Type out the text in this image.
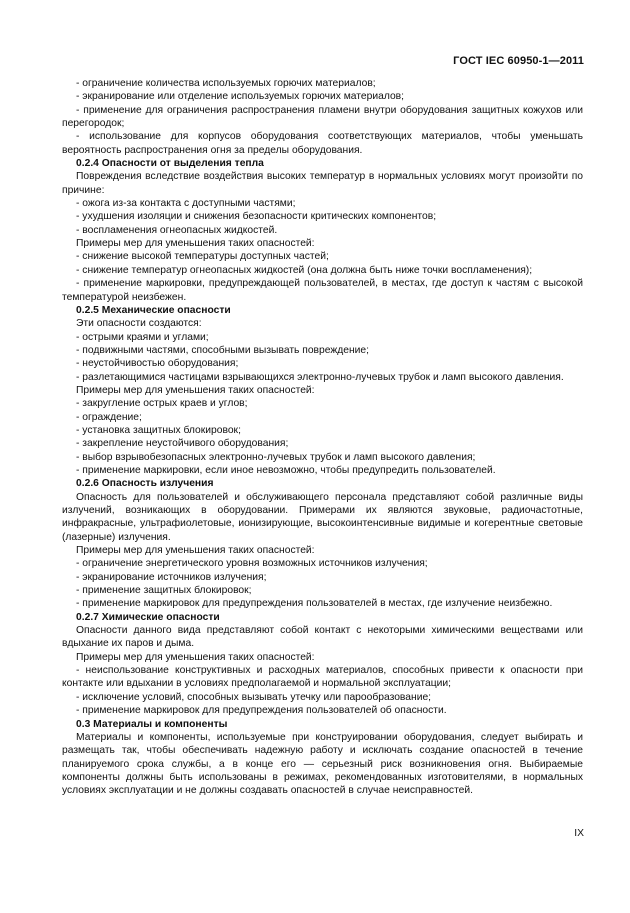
ГОСТ IEC 60950-1—2011

- ограничение количества используемых горючих материалов;

- экранирование или отделение используемых горючих материалов;

- применение для ограничения распространения пламени внутри оборудования защитных кожухов или перегородок;

- использование для корпусов оборудования соответствующих материалов, чтобы уменьшать вероятность распространения огня за пределы оборудования.

0.2.4 Опасности от выделения тепла

Повреждения вследствие воздействия высоких температур в нормальных условиях могут произойти по причине:

- ожога из-за контакта с доступными частями;

- ухудшения изоляции и снижения безопасности критических компонентов;

- воспламенения огнеопасных жидкостей.

Примеры мер для уменьшения таких опасностей:

- снижение высокой температуры доступных частей;

- снижение температур огнеопасных жидкостей (она должна быть ниже точки воспламенения);

- применение маркировки, предупреждающей пользователей, в местах, где доступ к частям с высокой температурой неизбежен.

0.2.5 Механические опасности

Эти опасности создаются:

- острыми краями и углами;

- подвижными частями, способными вызывать повреждение;

- неустойчивостью оборудования;

- разлетающимися частицами взрывающихся электронно-лучевых трубок и ламп высокого давления.

Примеры мер для уменьшения таких опасностей:

- закругление острых краев и углов;

- ограждение;

- установка защитных блокировок;

- закрепление неустойчивого оборудования;

- выбор взрывобезопасных электронно-лучевых трубок и ламп высокого давления;

- применение маркировки, если иное невозможно, чтобы предупредить пользователей.

0.2.6 Опасность излучения

Опасность для пользователей и обслуживающего персонала представляют собой различные виды излучений, возникающих в оборудовании. Примерами их являются звуковые, радиочастотные, инфракрасные, ультрафиолетовые, ионизирующие, высокоинтенсивные видимые и когерентные световые (лазерные) излучения.

Примеры мер для уменьшения таких опасностей:

- ограничение энергетического уровня возможных источников излучения;

- экранирование источников излучения;

- применение защитных блокировок;

- применение маркировок для предупреждения пользователей в местах, где излучение неизбежно.

0.2.7 Химические опасности

Опасности данного вида представляют собой контакт с некоторыми химическими веществами или вдыхание их паров и дыма.

Примеры мер для уменьшения таких опасностей:

- неиспользование конструктивных и расходных материалов, способных привести к опасности при контакте или вдыхании в условиях предполагаемой и нормальной эксплуатации;

- исключение условий, способных вызывать утечку или парообразование;

- применение маркировок для предупреждения пользователей об опасности.

0.3 Материалы и компоненты

Материалы и компоненты, используемые при конструировании оборудования, следует выбирать и размещать так, чтобы обеспечивать надежную работу и исключать создание опасностей в течение планируемого срока службы, а в конце его — серьезный риск возникновения огня. Выбираемые компоненты должны быть использованы в режимах, рекомендованных изготовителями, в нормальных условиях эксплуатации и не должны создавать опасностей в случае неисправностей.

IX
